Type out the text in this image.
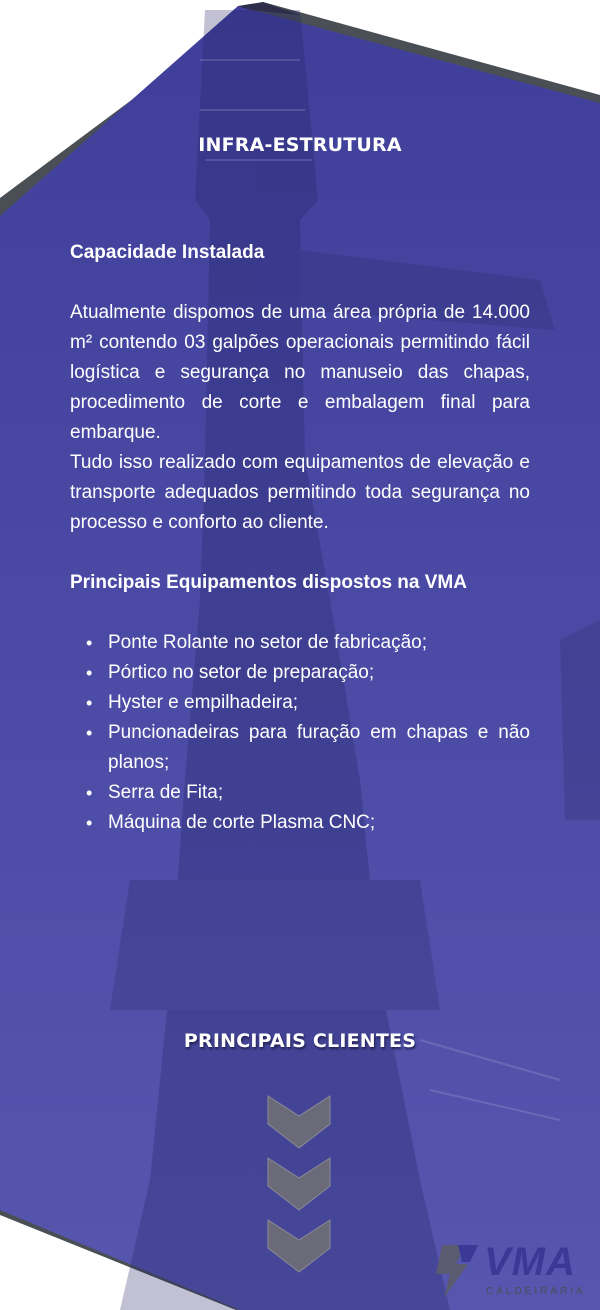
INFRA-ESTRUTURA
Capacidade Instalada

Atualmente dispomos de uma área própria de 14.000 m² contendo 03 galpões operacionais permitindo fácil logística e segurança no manuseio das chapas, procedimento de corte e embalagem final para embarque.

Tudo isso realizado com equipamentos de elevação e transporte adequados permitindo toda segurança no processo e conforto ao cliente.

Principais Equipamentos dispostos na VMA
• Ponte Rolante no setor de fabricação;
• Pórtico no setor de preparação;
• Hyster e empilhadeira;
• Puncionadeiras para furação em chapas e não planos;
• Serra de Fita;
• Máquina de corte Plasma CNC;
PRINCIPAIS CLIENTES
VMA
CALDEIRARIA
